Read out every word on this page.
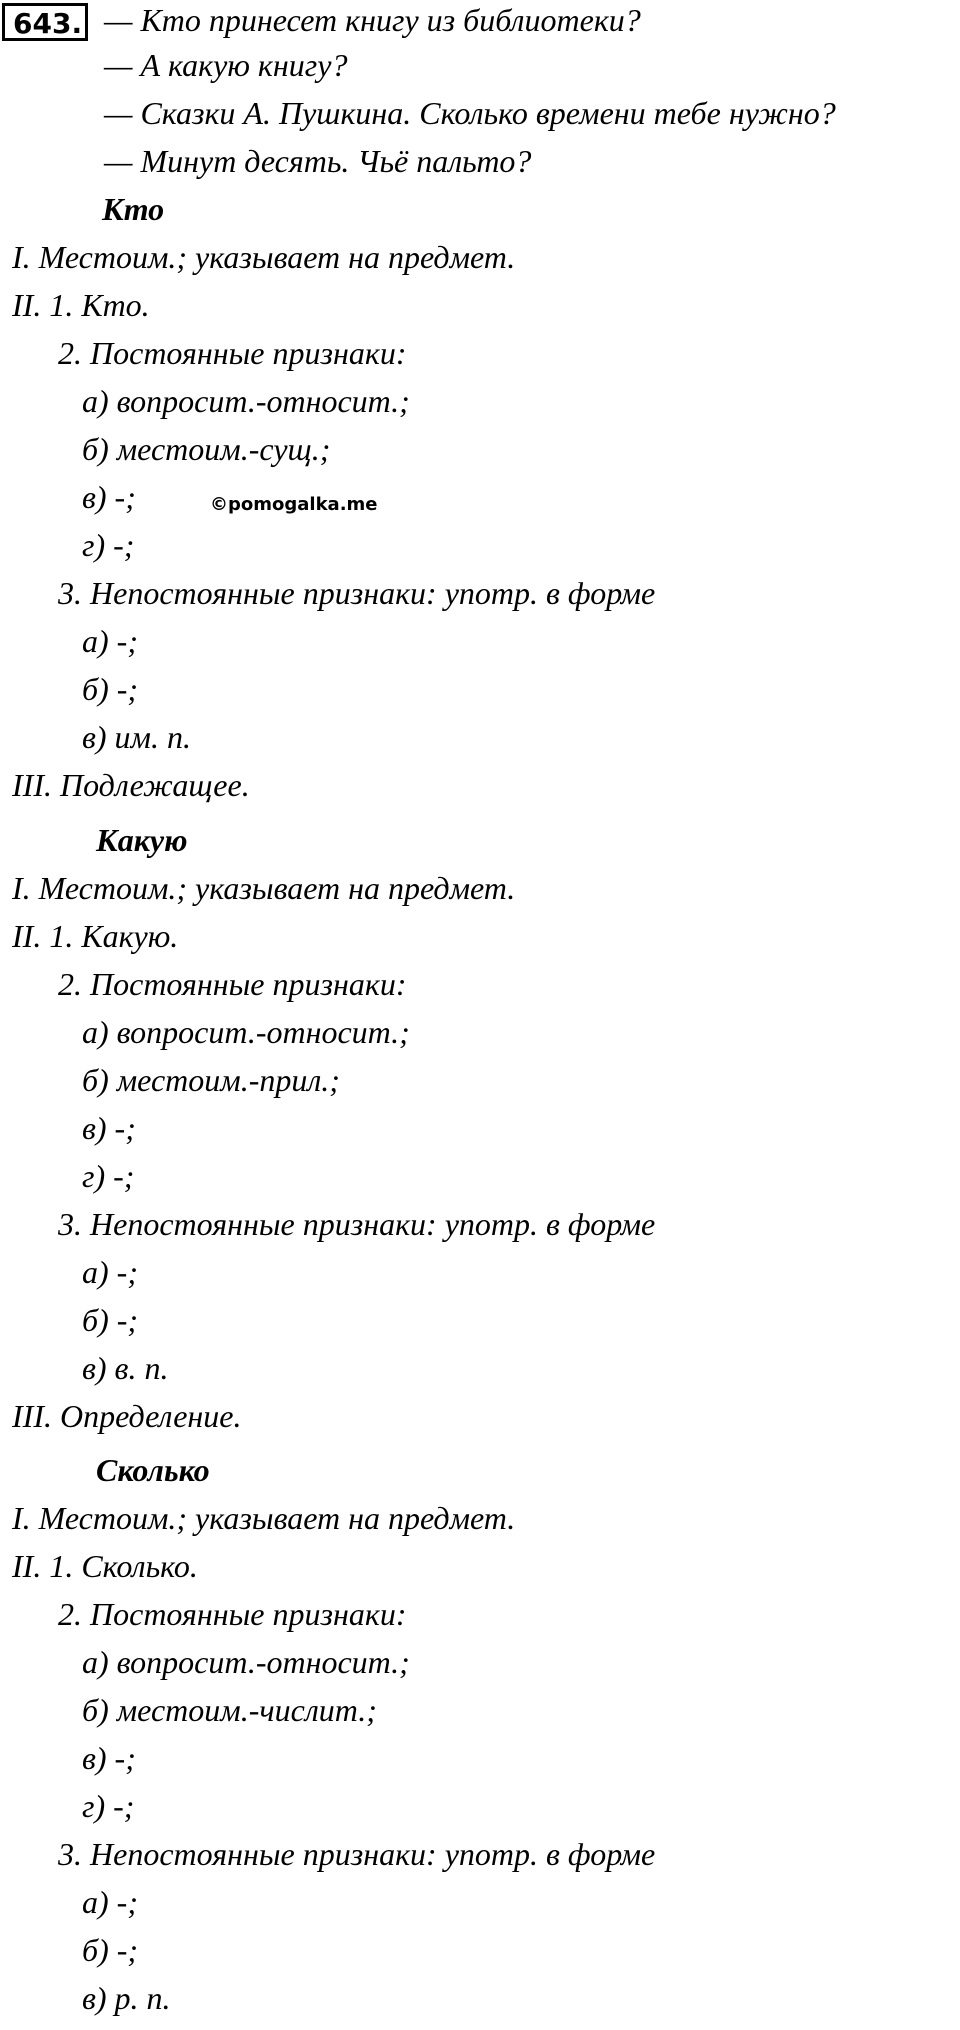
643. — Кто принесет книгу из библиотеки?
— А какую книгу?
— Сказки А. Пушкина. Сколько времени тебе нужно?
— Минут десять. Чьё пальто?
Кто
I. Местоим.; указывает на предмет.
II. 1. Кто.
2. Постоянные признаки:
а) вопросит.-относит.;
б) местоим.-сущ.;
в) -;	©pomogalka.me
г) -;
3. Непостоянные признаки: употр. в форме
а) -;
б) -;
в) им. п.
III. Подлежащее.
Какую
I. Местоим.; указывает на предмет.
II. 1. Какую.
2. Постоянные признаки:
а) вопросит.-относит.;
б) местоим.-прил.;
в) -;
г) -;
3. Непостоянные признаки: употр. в форме
а) -;
б) -;
в) в. п.
III. Определение.
Сколько
I. Местоим.; указывает на предмет.
II. 1. Сколько.
2. Постоянные признаки:
а) вопросит.-относит.;
б) местоим.-числит.;
в) -;
г) -;
3. Непостоянные признаки: употр. в форме
а) -;
б) -;
в) р. п.
